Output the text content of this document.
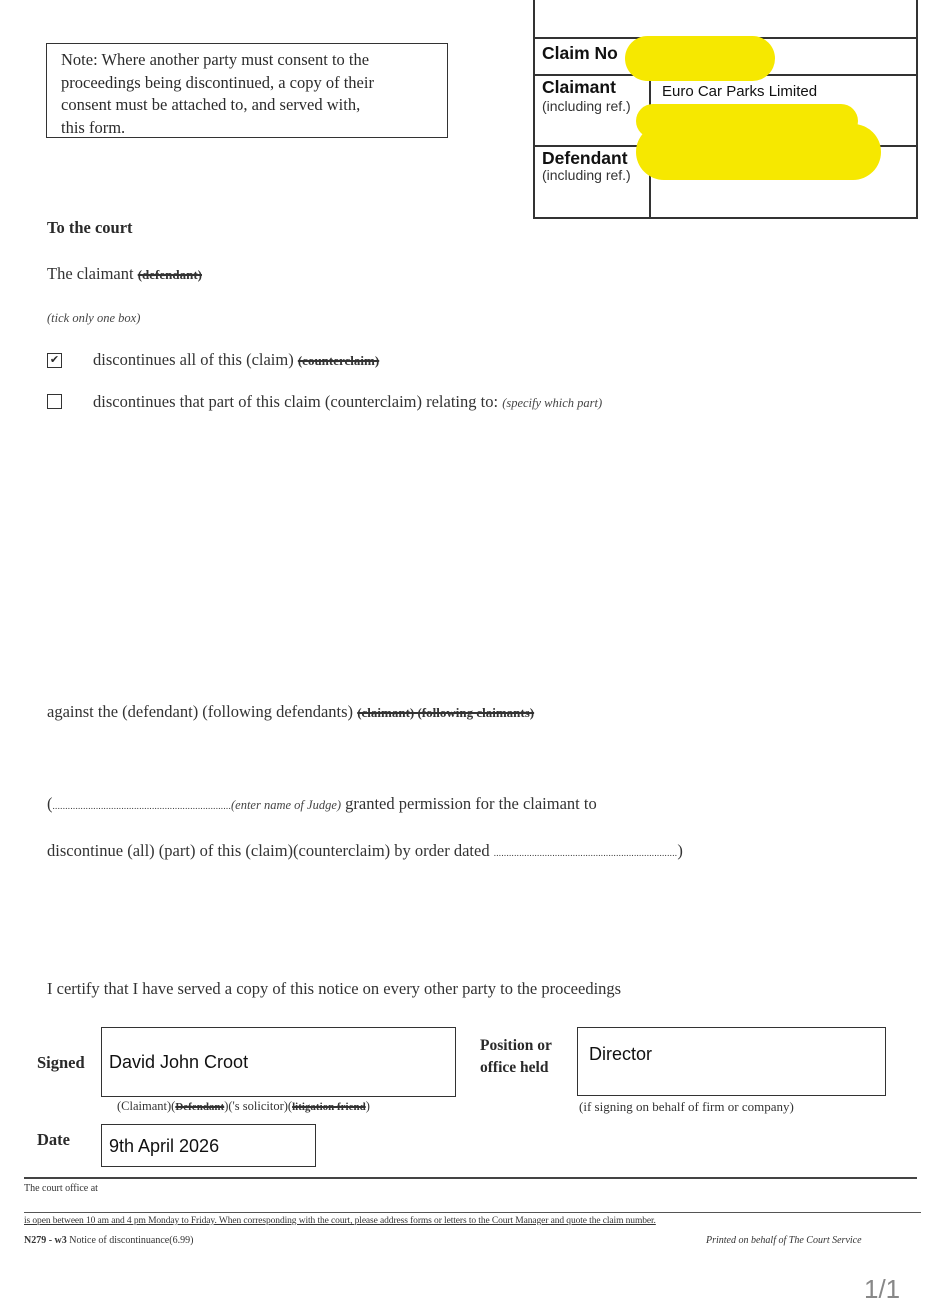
Note: Where another party must consent to the
proceedings being discontinued, a copy of their
consent must be attached to, and served with,
this form.
Claim No
Claimant
(including ref.)
Euro Car Parks Limited
Defendant
(including ref.)
To the court
The claimant (defendant)
(tick only one box)
✔ discontinues all of this (claim) (counterclaim)
discontinues that part of this claim (counterclaim) relating to: (specify which part)
against the (defendant) (following defendants) (claimant) (following claimants)
(......................................................................(enter name of Judge) granted permission for the claimant to
discontinue (all) (part) of this (claim)(counterclaim) by order dated ........................................................................)
I certify that I have served a copy of this notice on every other party to the proceedings
Signed David John Croot
(Claimant)(Defendant)('s solicitor)(litigation friend)
Position or
office held
Director
(if signing on behalf of firm or company)
Date 9th April 2026
The court office at
is open between 10 am and 4 pm Monday to Friday. When corresponding with the court, please address forms or letters to the Court Manager and quote the claim number.
N279 - w3 Notice of discontinuance(6.99)	Printed on behalf of The Court Service
1/1
